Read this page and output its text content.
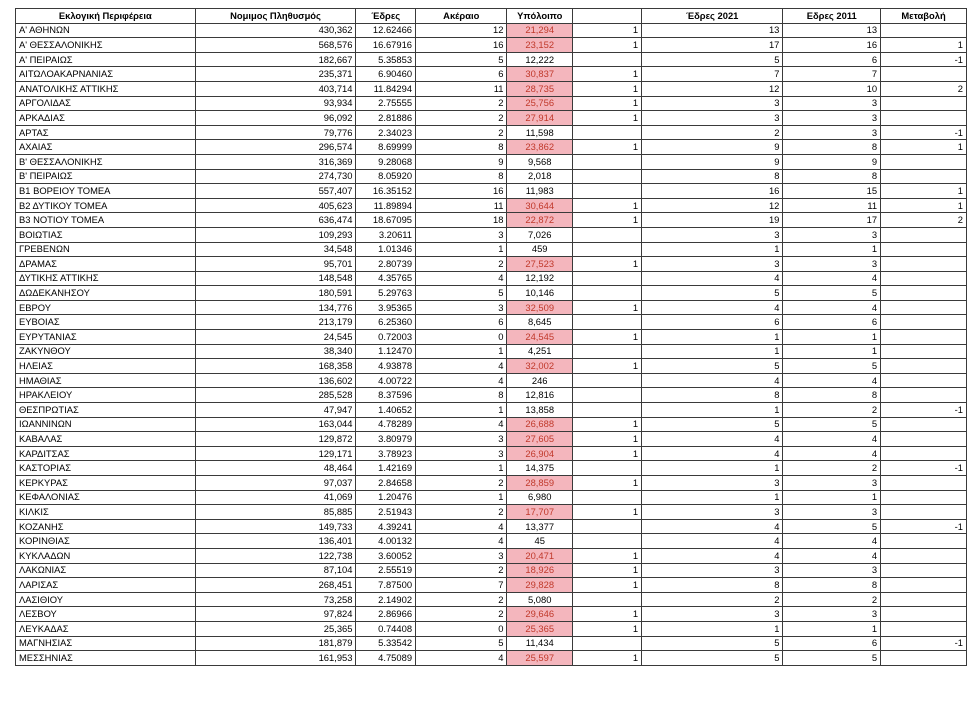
Εκλογική Περιφέρεια	Νομιμος Πληθυσμός	Έδρες	Ακέραιο	Υπόλοιπο		Έδρες 2021	Εδρες 2011	Μεταβολή
Α' ΑΘΗΝΩΝ	430,362	12.62466	12	21,294	1	13	13	
Α' ΘΕΣΣΑΛΟΝΙΚΗΣ	568,576	16.67916	16	23,152	1	17	16	1
Α' ΠΕΙΡΑΙΩΣ	182,667	5.35853	5	12,222		5	6	-1
ΑΙΤΩΛΟΑΚΑΡΝΑΝΙΑΣ	235,371	6.90460	6	30,837	1	7	7	
ΑΝΑΤΟΛΙΚΗΣ ΑΤΤΙΚΗΣ	403,714	11.84294	11	28,735	1	12	10	2
ΑΡΓΟΛΙΔΑΣ	93,934	2.75555	2	25,756	1	3	3	
ΑΡΚΑΔΙΑΣ	96,092	2.81886	2	27,914	1	3	3	
ΑΡΤΑΣ	79,776	2.34023	2	11,598		2	3	-1
ΑΧΑΙΑΣ	296,574	8.69999	8	23,862	1	9	8	1
Β' ΘΕΣΣΑΛΟΝΙΚΗΣ	316,369	9.28068	9	9,568		9	9	
Β' ΠΕΙΡΑΙΩΣ	274,730	8.05920	8	2,018		8	8	
Β1 ΒΟΡΕΙΟΥ ΤΟΜΕΑ	557,407	16.35152	16	11,983		16	15	1
Β2 ΔΥΤΙΚΟΥ ΤΟΜΕΑ	405,623	11.89894	11	30,644	1	12	11	1
Β3 ΝΟΤΙΟΥ ΤΟΜΕΑ	636,474	18.67095	18	22,872	1	19	17	2
ΒΟΙΩΤΙΑΣ	109,293	3.20611	3	7,026		3	3	
ΓΡΕΒΕΝΩΝ	34,548	1.01346	1	459		1	1	
ΔΡΑΜΑΣ	95,701	2.80739	2	27,523	1	3	3	
ΔΥΤΙΚΗΣ ΑΤΤΙΚΗΣ	148,548	4.35765	4	12,192		4	4	
ΔΩΔΕΚΑΝΗΣΟΥ	180,591	5.29763	5	10,146		5	5	
ΕΒΡΟΥ	134,776	3.95365	3	32,509	1	4	4	
ΕΥΒΟΙΑΣ	213,179	6.25360	6	8,645		6	6	
ΕΥΡΥΤΑΝΙΑΣ	24,545	0.72003	0	24,545	1	1	1	
ΖΑΚΥΝΘΟΥ	38,340	1.12470	1	4,251		1	1	
ΗΛΕΙΑΣ	168,358	4.93878	4	32,002	1	5	5	
ΗΜΑΘΙΑΣ	136,602	4.00722	4	246		4	4	
ΗΡΑΚΛΕΙΟΥ	285,528	8.37596	8	12,816		8	8	
ΘΕΣΠΡΩΤΙΑΣ	47,947	1.40652	1	13,858		1	2	-1
ΙΩΑΝΝΙΝΩΝ	163,044	4.78289	4	26,688	1	5	5	
ΚΑΒΑΛΑΣ	129,872	3.80979	3	27,605	1	4	4	
ΚΑΡΔΙΤΣΑΣ	129,171	3.78923	3	26,904	1	4	4	
ΚΑΣΤΟΡΙΑΣ	48,464	1.42169	1	14,375		1	2	-1
ΚΕΡΚΥΡΑΣ	97,037	2.84658	2	28,859	1	3	3	
ΚΕΦΑΛΟΝΙΑΣ	41,069	1.20476	1	6,980		1	1	
ΚΙΛΚΙΣ	85,885	2.51943	2	17,707	1	3	3	
ΚΟΖΑΝΗΣ	149,733	4.39241	4	13,377		4	5	-1
ΚΟΡΙΝΘΙΑΣ	136,401	4.00132	4	45		4	4	
ΚΥΚΛΑΔΩΝ	122,738	3.60052	3	20,471	1	4	4	
ΛΑΚΩΝΙΑΣ	87,104	2.55519	2	18,926	1	3	3	
ΛΑΡΙΣΑΣ	268,451	7.87500	7	29,828	1	8	8	
ΛΑΣΙΘΙΟΥ	73,258	2.14902	2	5,080		2	2	
ΛΕΣΒΟΥ	97,824	2.86966	2	29,646	1	3	3	
ΛΕΥΚΑΔΑΣ	25,365	0.74408	0	25,365	1	1	1	
ΜΑΓΝΗΣΙΑΣ	181,879	5.33542	5	11,434		5	6	-1
ΜΕΣΣΗΝΙΑΣ	161,953	4.75089	4	25,597	1	5	5	
